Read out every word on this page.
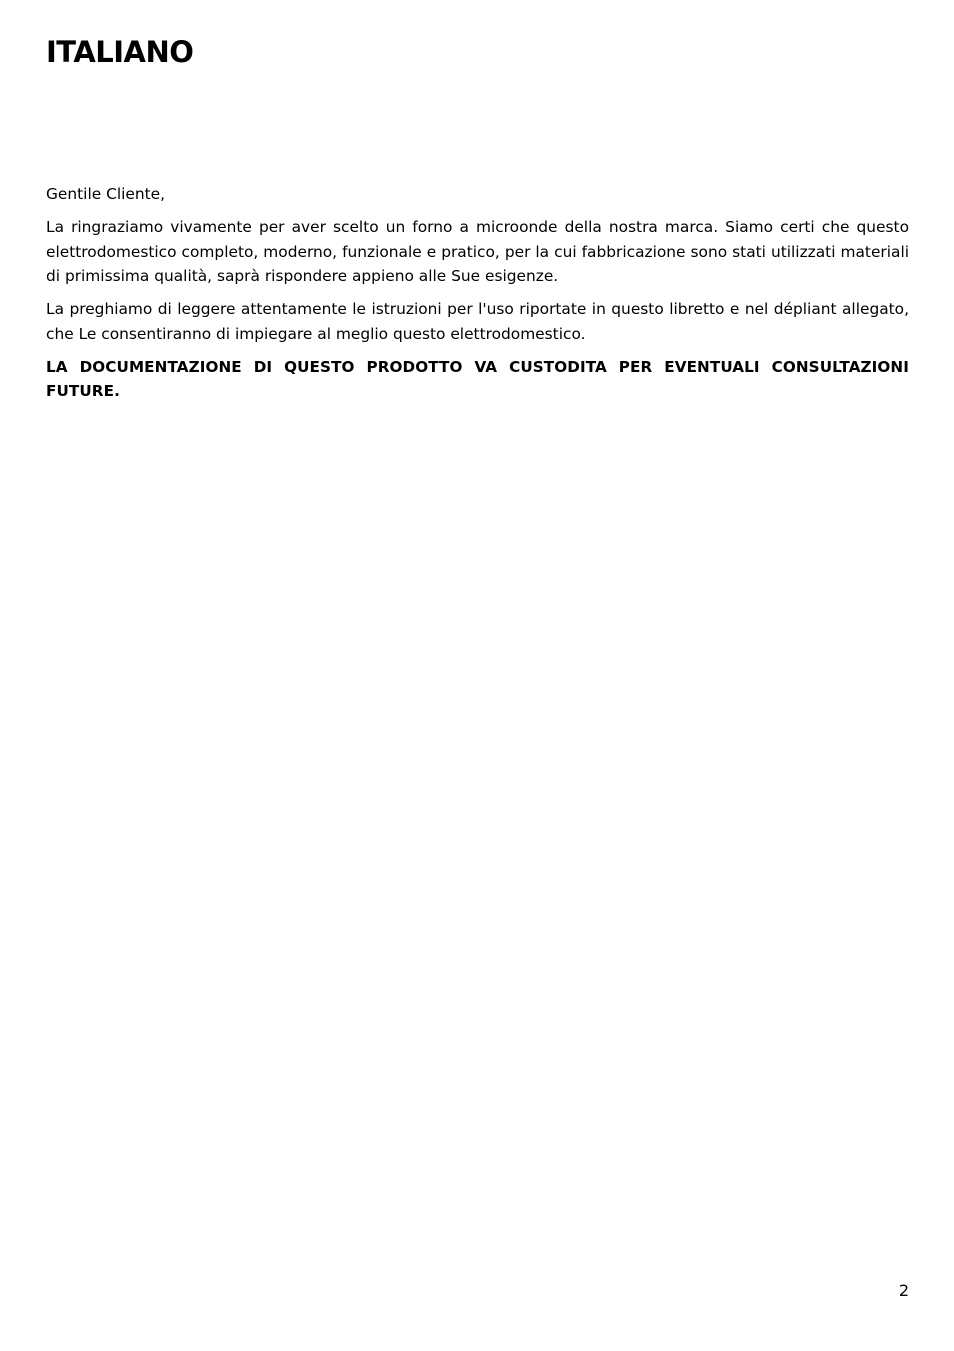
ITALIANO

Gentile Cliente,

La ringraziamo vivamente per aver scelto un forno a microonde della nostra marca. Siamo certi che questo elettrodomestico completo, moderno, funzionale e pratico, per la cui fabbricazione sono stati utilizzati materiali di primissima qualità, saprà rispondere appieno alle Sue esigenze.

La preghiamo di leggere attentamente le istruzioni per l'uso riportate in questo libretto e nel dépliant allegato, che Le consentiranno di impiegare al meglio questo elettrodomestico.

LA DOCUMENTAZIONE DI QUESTO PRODOTTO VA CUSTODITA PER EVENTUALI CONSULTAZIONI FUTURE.

2
